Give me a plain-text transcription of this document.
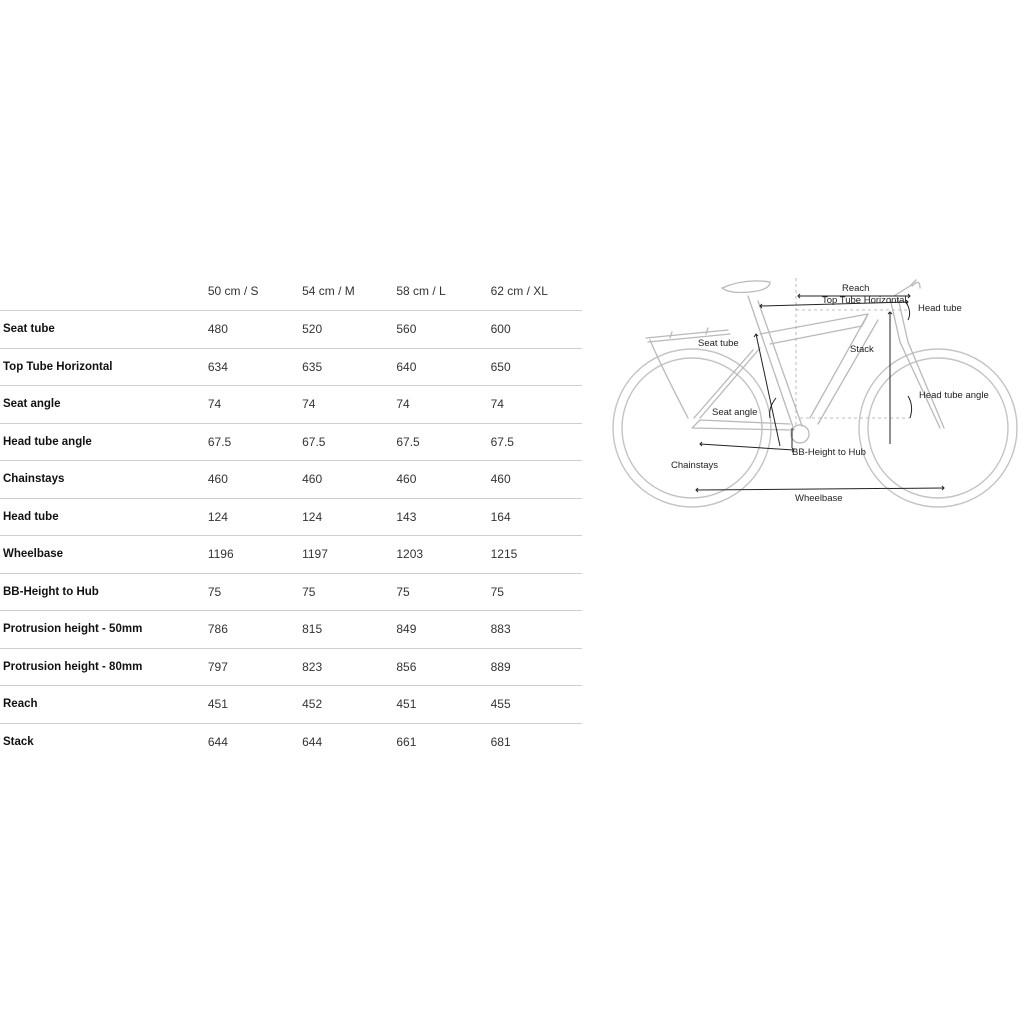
	50 cm / S	54 cm / M	58 cm / L	62 cm / XL
Seat tube	480	520	560	600
Top Tube Horizontal	634	635	640	650
Seat angle	74	74	74	74
Head tube angle	67.5	67.5	67.5	67.5
Chainstays	460	460	460	460
Head tube	124	124	143	164
Wheelbase	1196	1197	1203	1215
BB-Height to Hub	75	75	75	75
Protrusion height - 50mm	786	815	849	883
Protrusion height - 80mm	797	823	856	889
Reach	451	452	451	455
Stack	644	644	661	681
Reach
Top Tube Horizontal
Head tube
Seat tube
Stack
Seat angle
Head tube angle
BB-Height to Hub
Chainstays
Wheelbase
